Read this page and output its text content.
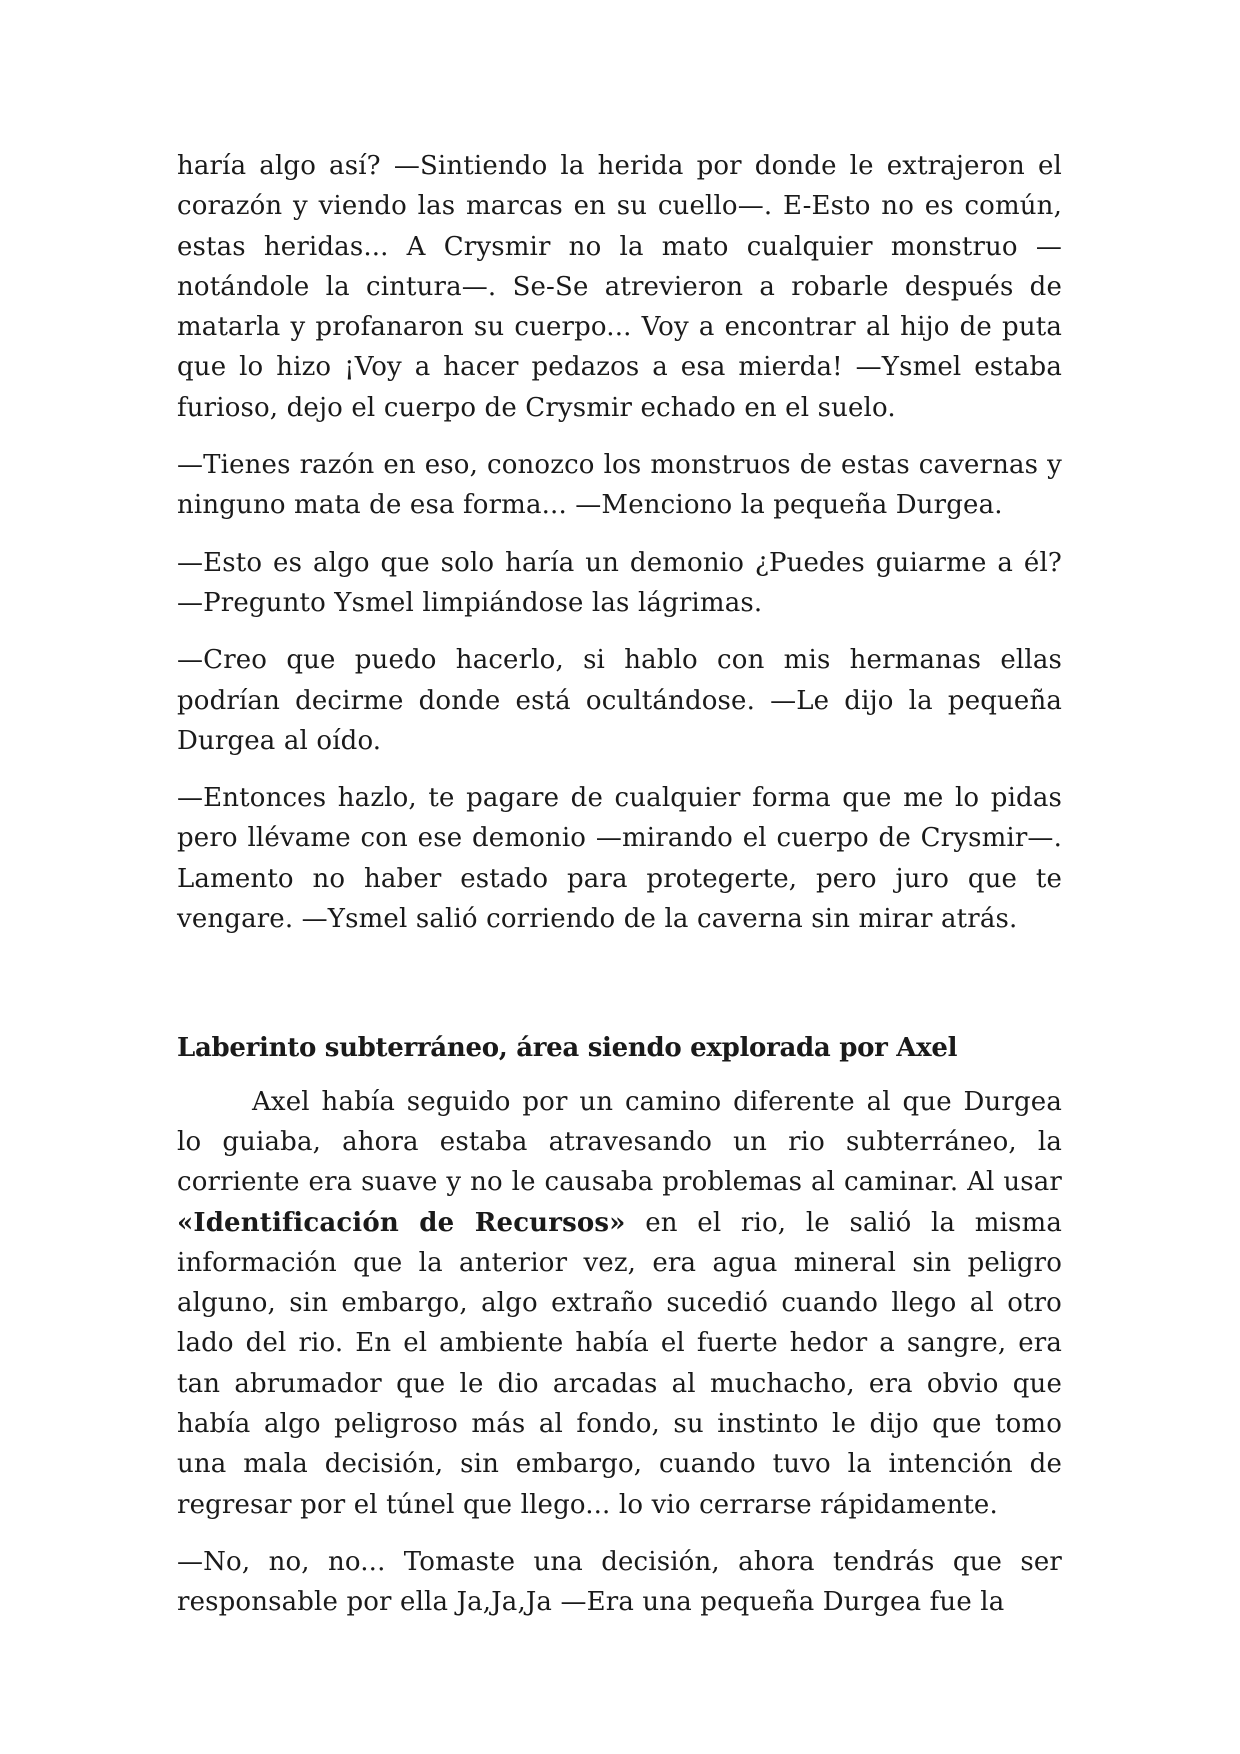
haría algo así? —Sintiendo la herida por donde le extrajeron el corazón y viendo las marcas en su cuello—. E-Esto no es común, estas heridas... A Crysmir no la mato cualquier monstruo —notándole la cintura—. Se-Se atrevieron a robarle después de matarla y profanaron su cuerpo... Voy a encontrar al hijo de puta que lo hizo ¡Voy a hacer pedazos a esa mierda! —Ysmel estaba furioso, dejo el cuerpo de Crysmir echado en el suelo.

—Tienes razón en eso, conozco los monstruos de estas cavernas y ninguno mata de esa forma... —Menciono la pequeña Durgea.

—Esto es algo que solo haría un demonio ¿Puedes guiarme a él? —Pregunto Ysmel limpiándose las lágrimas.

—Creo que puedo hacerlo, si hablo con mis hermanas ellas podrían decirme donde está ocultándose. —Le dijo la pequeña Durgea al oído.

—Entonces hazlo, te pagare de cualquier forma que me lo pidas pero llévame con ese demonio —mirando el cuerpo de Crysmir—. Lamento no haber estado para protegerte, pero juro que te vengare. —Ysmel salió corriendo de la caverna sin mirar atrás.

Laberinto subterráneo, área siendo explorada por Axel

Axel había seguido por un camino diferente al que Durgea lo guiaba, ahora estaba atravesando un rio subterráneo, la corriente era suave y no le causaba problemas al caminar. Al usar «Identificación de Recursos» en el rio, le salió la misma información que la anterior vez, era agua mineral sin peligro alguno, sin embargo, algo extraño sucedió cuando llego al otro lado del rio. En el ambiente había el fuerte hedor a sangre, era tan abrumador que le dio arcadas al muchacho, era obvio que había algo peligroso más al fondo, su instinto le dijo que tomo una mala decisión, sin embargo, cuando tuvo la intención de regresar por el túnel que llego... lo vio cerrarse rápidamente.

—No, no, no... Tomaste una decisión, ahora tendrás que ser responsable por ella Ja,Ja,Ja —Era una pequeña Durgea fue la
